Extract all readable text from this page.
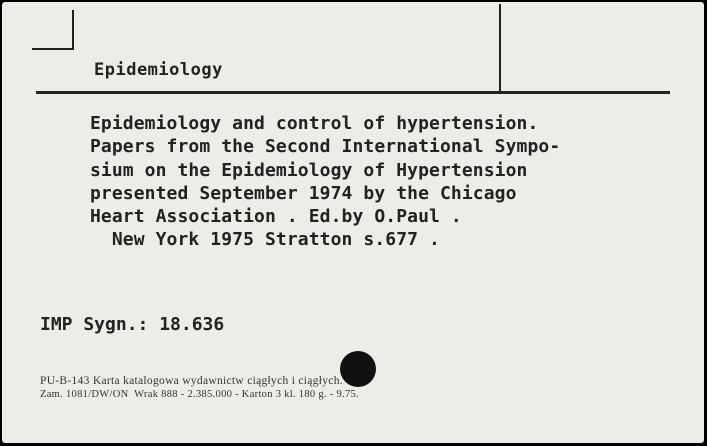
Epidemiology
Epidemiology and control of hypertension.
Papers from the Second International Sympo-
sium on the Epidemiology of Hypertension
presented September 1974 by the Chicago
Heart Association . Ed.by O.Paul .
New York 1975 Stratton s.677 .
IMP Sygn.: 18.636
PU-B-143 Karta katalogowa wydawnictw ciągłych i ciągłych.
Zam. 1081/DW/ON  Wrak 888 - 2.385.000 - Karton 3 kl. 180 g. - 9.75.
